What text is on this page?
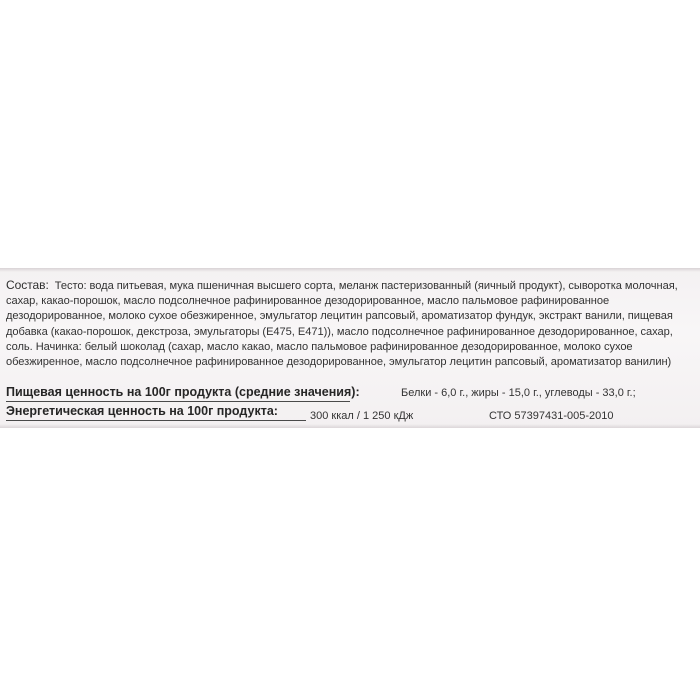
Состав: Тесто: вода питьевая, мука пшеничная высшего сорта, меланж пастеризованный (яичный продукт), сыворотка молочная, сахар, какао-порошок, масло подсолнечное рафинированное дезодорированное, масло пальмовое рафинированное дезодорированное, молоко сухое обезжиренное, эмульгатор лецитин рапсовый, ароматизатор фундук, экстракт ванили, пищевая добавка (какао-порошок, декстроза, эмульгаторы (Е475, Е471)), масло подсолнечное рафинированное дезодорированное, сахар, соль. Начинка: белый шоколад (сахар, масло какао, масло пальмовое рафинированное дезодорированное, молоко сухое обезжиренное, масло подсолнечное рафинированное дезодорированное, эмульгатор лецитин рапсовый, ароматизатор ванилин)
Пищевая ценность на 100г продукта (средние значения):	Белки - 6,0 г., жиры - 15,0 г., углеводы - 33,0 г.;
Энергетическая ценность на 100г продукта:	300 ккал / 1 250 кДж	СТО 57397431-005-2010
